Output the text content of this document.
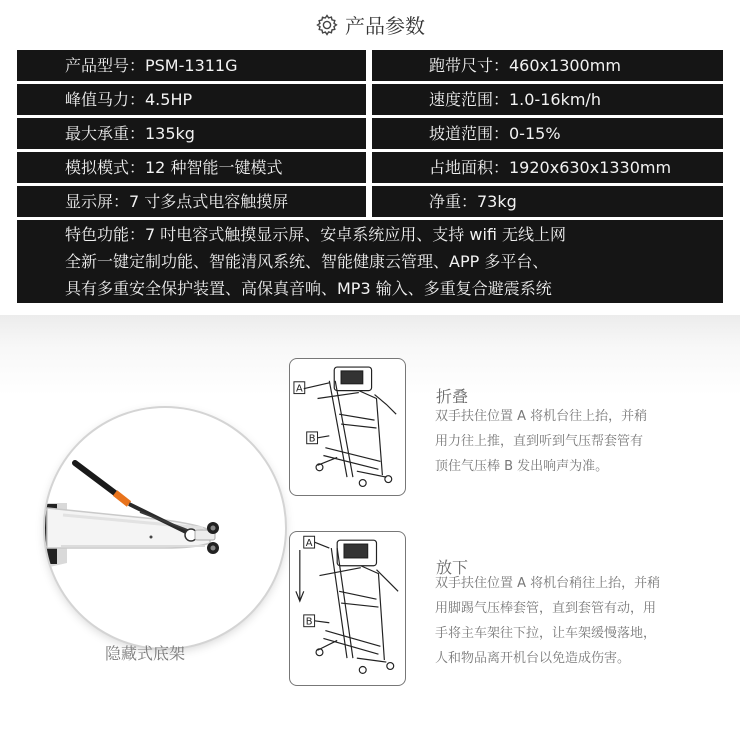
产品参数
产品型号：PSM-1311G	跑带尺寸：460x1300mm
峰值马力：4.5HP	速度范围：1.0-16km/h
最大承重：135kg	坡道范围：0-15%
模拟模式：12 种智能一键模式	占地面积：1920x630x1330mm
显示屏：7 寸多点式电容触摸屏	净重：73kg
特色功能：7 吋电容式触摸显示屏、安卓系统应用、支持 wifi 无线上网
全新一键定制功能、智能清风系统、智能健康云管理、APP 多平台、
具有多重安全保护装置、高保真音响、MP3 输入、多重复合避震系统
隐藏式底架
A
B
折叠
双手扶住位置 A 将机台往上抬，并稍
用力往上推，直到听到气压帮套管有
顶住气压棒 B 发出响声为准。
A
B
放下
双手扶住位置 A 将机台稍往上抬，并稍
用脚踢气压棒套管，直到套管有动，用
手将主车架往下拉，让车架缓慢落地，
人和物品离开机台以免造成伤害。
